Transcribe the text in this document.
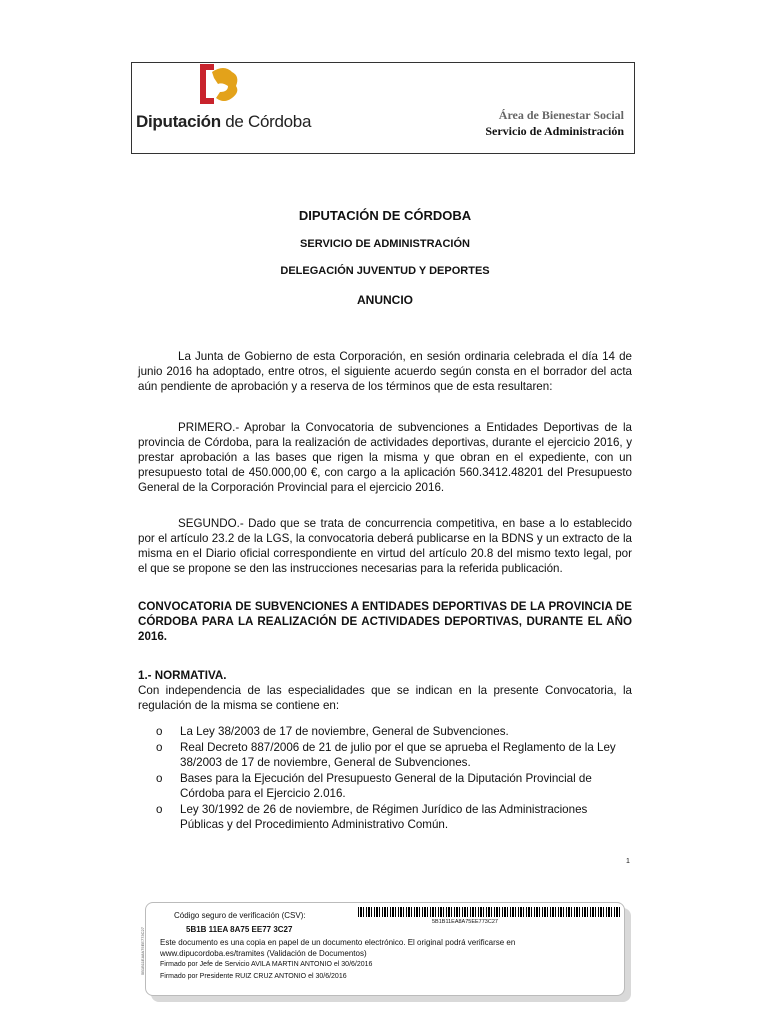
Diputación de Córdoba	Área de Bienestar Social
Servicio de Administración
DIPUTACIÓN DE CÓRDOBA
SERVICIO DE ADMINISTRACIÓN
DELEGACIÓN JUVENTUD Y DEPORTES
ANUNCIO

La Junta de Gobierno de esta Corporación, en sesión ordinaria celebrada el día 14 de junio 2016 ha adoptado, entre otros, el siguiente acuerdo según consta en el borrador del acta aún pendiente de aprobación y a reserva de los términos que de esta resultaren:

PRIMERO.- Aprobar la Convocatoria de subvenciones a Entidades Deportivas de la provincia de Córdoba, para la realización de actividades deportivas, durante el ejercicio 2016, y prestar aprobación a las bases que rigen la misma y que obran en el expediente, con un presupuesto total de 450.000,00 €, con cargo a la aplicación 560.3412.48201 del Presupuesto General de la Corporación Provincial para el ejercicio 2016.

SEGUNDO.- Dado que se trata de concurrencia competitiva, en base a lo establecido por el artículo 23.2 de la LGS, la convocatoria deberá publicarse en la BDNS y un extracto de la misma en el Diario oficial correspondiente en virtud del artículo 20.8 del mismo texto legal, por el que se propone se den las instrucciones necesarias para la referida publicación.

CONVOCATORIA DE SUBVENCIONES A ENTIDADES DEPORTIVAS DE LA PROVINCIA DE CÓRDOBA PARA LA REALIZACIÓN DE ACTIVIDADES DEPORTIVAS, DURANTE EL AÑO 2016.

1.- NORMATIVA.

Con independencia de las especialidades que se indican en la presente Convocatoria, la regulación de la misma se contiene en:

o La Ley 38/2003 de 17 de noviembre, General de Subvenciones.
o Real Decreto 887/2006 de 21 de julio por el que se aprueba el Reglamento de la Ley 38/2003 de 17 de noviembre, General de Subvenciones.
o Bases para la Ejecución del Presupuesto General de la Diputación Provincial de Córdoba para el Ejercicio 2.016.
o Ley 30/1992 de 26 de noviembre, de Régimen Jurídico de las Administraciones Públicas y del Procedimiento Administrativo Común.
1
Código seguro de verificación (CSV):
5B1B 11EA 8A75 EE77 3C27
5B1B11EA8A75EE773C27
Este documento es una copia en papel de un documento electrónico. El original podrá verificarse en www.dipucordoba.es/tramites (Validación de Documentos)
Firmado por Jefe de Servicio AVILA MARTIN ANTONIO el 30/6/2016
Firmado por Presidente RUIZ CRUZ ANTONIO el 30/6/2016
5B1B11EA8A75EE773C27
